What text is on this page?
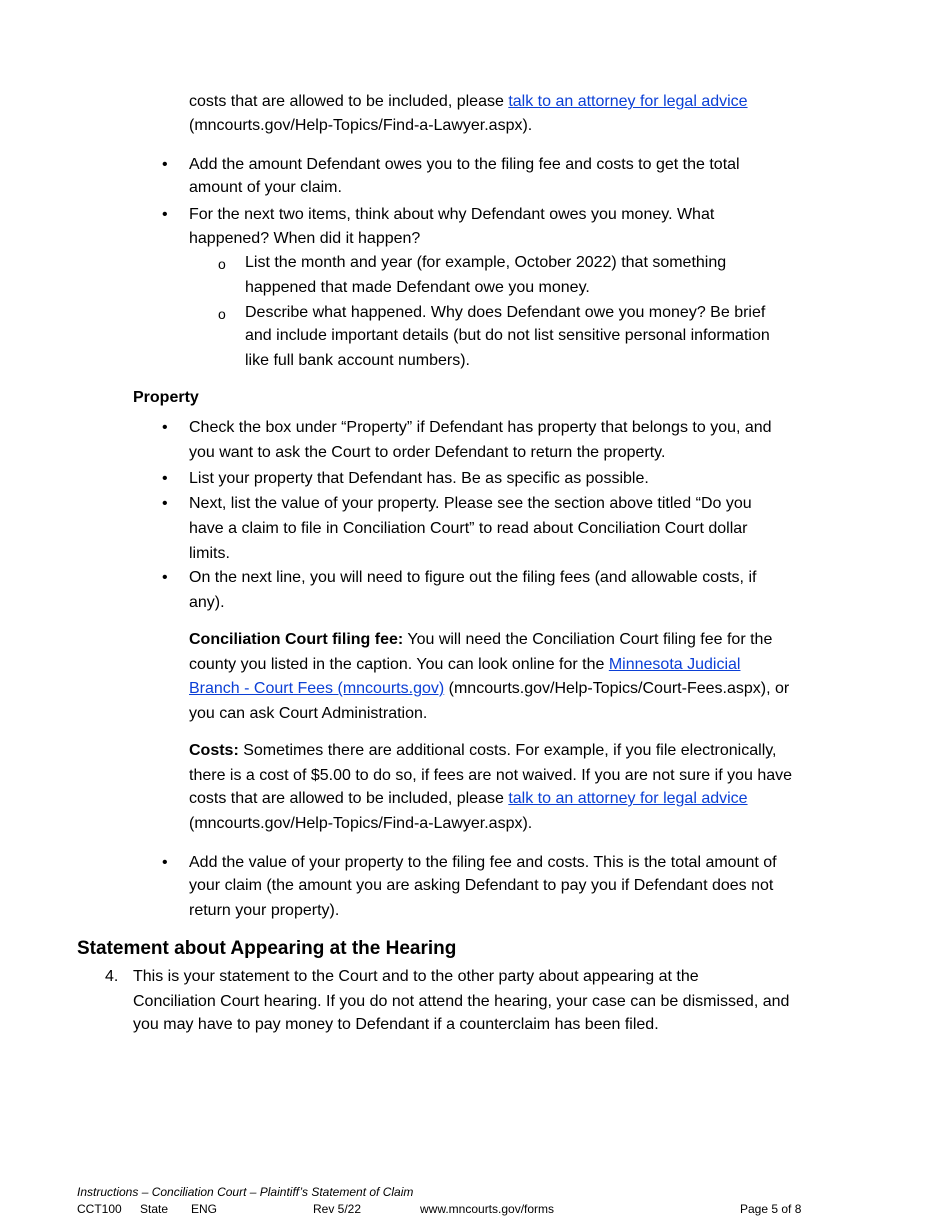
costs that are allowed to be included, please talk to an attorney for legal advice
(mncourts.gov/Help-Topics/Find-a-Lawyer.aspx).
• Add the amount Defendant owes you to the filing fee and costs to get the total
amount of your claim.
• For the next two items, think about why Defendant owes you money. What
happened? When did it happen?
o List the month and year (for example, October 2022) that something
happened that made Defendant owe you money.
o Describe what happened. Why does Defendant owe you money? Be brief
and include important details (but do not list sensitive personal information
like full bank account numbers).
Property
• Check the box under “Property” if Defendant has property that belongs to you, and
you want to ask the Court to order Defendant to return the property.
• List your property that Defendant has. Be as specific as possible.
• Next, list the value of your property. Please see the section above titled “Do you
have a claim to file in Conciliation Court” to read about Conciliation Court dollar
limits.
• On the next line, you will need to figure out the filing fees (and allowable costs, if
any).
Conciliation Court filing fee: You will need the Conciliation Court filing fee for the
county you listed in the caption. You can look online for the Minnesota Judicial
Branch - Court Fees (mncourts.gov) (mncourts.gov/Help-Topics/Court-Fees.aspx), or
you can ask Court Administration.
Costs: Sometimes there are additional costs. For example, if you file electronically,
there is a cost of $5.00 to do so, if fees are not waived. If you are not sure if you have
costs that are allowed to be included, please talk to an attorney for legal advice
(mncourts.gov/Help-Topics/Find-a-Lawyer.aspx).
• Add the value of your property to the filing fee and costs. This is the total amount of
your claim (the amount you are asking Defendant to pay you if Defendant does not
return your property).
Statement about Appearing at the Hearing
4. This is your statement to the Court and to the other party about appearing at the
Conciliation Court hearing. If you do not attend the hearing, your case can be dismissed, and
you may have to pay money to Defendant if a counterclaim has been filed.
Instructions – Conciliation Court – Plaintiff’s Statement of Claim
CCT100 State ENG	Rev 5/22	www.mncourts.gov/forms	Page 5 of 8
